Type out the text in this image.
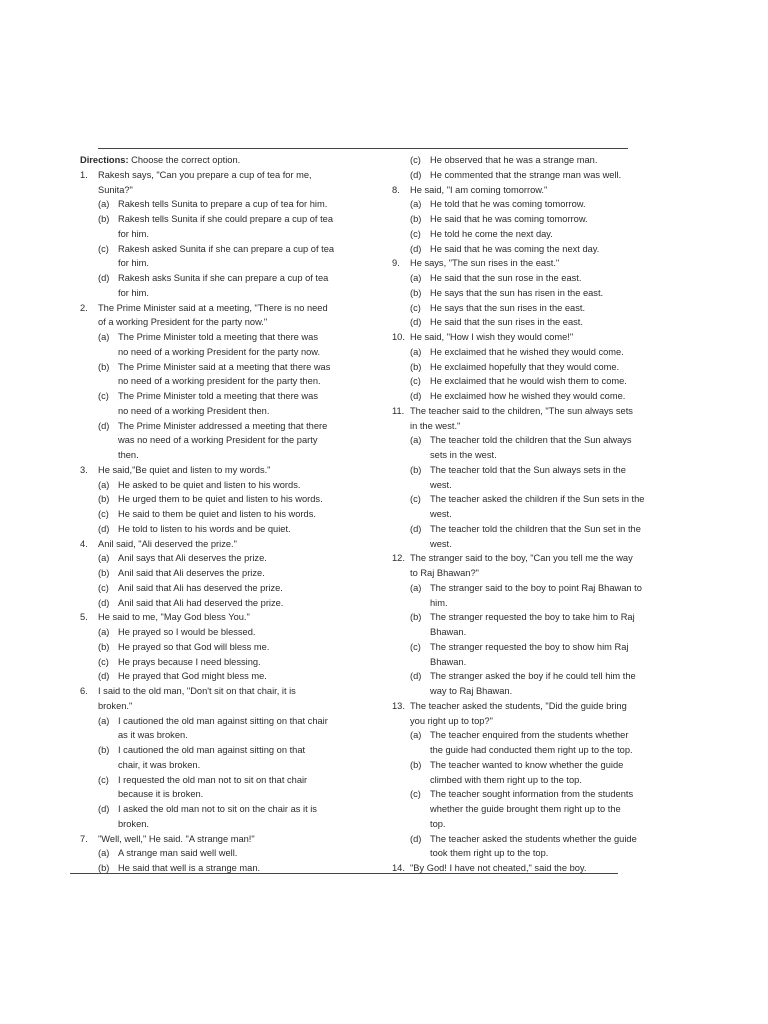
Directions: Choose the correct option.
1. Rakesh says, "Can you prepare a cup of tea for me,
Sunita?"
(a) Rakesh tells Sunita to prepare a cup of tea for him.
(b) Rakesh tells Sunita if she could prepare a cup of tea
for him.
(c) Rakesh asked Sunita if she can prepare a cup of tea
for him.
(d) Rakesh asks Sunita if she can prepare a cup of tea
for him.
2. The Prime Minister said at a meeting, "There is no need
of a working President for the party now."
(a) The Prime Minister told a meeting that there was
no need of a working President for the party now.
(b) The Prime Minister said at a meeting that there was
no need of a working president for the party then.
(c) The Prime Minister told a meeting that there was
no need of a working President then.
(d) The Prime Minister addressed a meeting that there
was no need of a working President for the party
then.
3. He said,"Be quiet and listen to my words."
(a) He asked to be quiet and listen to his words.
(b) He urged them to be quiet and listen to his words.
(c) He said to them be quiet and listen to his words.
(d) He told to listen to his words and be quiet.
4. Anil said, "Ali deserved the prize."
(a) Anil says that Ali deserves the prize.
(b) Anil said that Ali deserves the prize.
(c) Anil said that Ali has deserved the prize.
(d) Anil said that Ali had deserved the prize.
5. He said to me, "May God bless You."
(a) He prayed so I would be blessed.
(b) He prayed so that God will bless me.
(c) He prays because I need blessing.
(d) He prayed that God might bless me.
6. I said to the old man, "Don't sit on that chair, it is
broken."
(a) I cautioned the old man against sitting on that chair
as it was broken.
(b) I cautioned the old man against sitting on that
chair, it was broken.
(c) I requested the old man not to sit on that chair
because it is broken.
(d) I asked the old man not to sit on the chair as it is
broken.
7. "Well, well," He said. "A strange man!"
(a) A strange man said well well.
(b) He said that well is a strange man.
(c) He observed that he was a strange man.
(d) He commented that the strange man was well.
8. He said, "I am coming tomorrow."
(a) He told that he was coming tomorrow.
(b) He said that he was coming tomorrow.
(c) He told he come the next day.
(d) He said that he was coming the next day.
9. He says, "The sun rises in the east."
(a) He said that the sun rose in the east.
(b) He says that the sun has risen in the east.
(c) He says that the sun rises in the east.
(d) He said that the sun rises in the east.
10. He said, "How I wish they would come!"
(a) He exclaimed that he wished they would come.
(b) He exclaimed hopefully that they would come.
(c) He exclaimed that he would wish them to come.
(d) He exclaimed how he wished they would come.
11. The teacher said to the children, "The sun always sets
in the west."
(a) The teacher told the children that the Sun always
sets in the west.
(b) The teacher told that the Sun always sets in the
west.
(c) The teacher asked the children if the Sun sets in the
west.
(d) The teacher told the children that the Sun set in the
west.
12. The stranger said to the boy, "Can you tell me the way
to Raj Bhawan?"
(a) The stranger said to the boy to point Raj Bhawan to
him.
(b) The stranger requested the boy to take him to Raj
Bhawan.
(c) The stranger requested the boy to show him Raj
Bhawan.
(d) The stranger asked the boy if he could tell him the
way to Raj Bhawan.
13. The teacher asked the students, "Did the guide bring
you right up to top?"
(a) The teacher enquired from the students whether
the guide had conducted them right up to the top.
(b) The teacher wanted to know whether the guide
climbed with them right up to the top.
(c) The teacher sought information from the students
whether the guide brought them right up to the
top.
(d) The teacher asked the students whether the guide
took them right up to the top.
14. "By God! I have not cheated," said the boy.
